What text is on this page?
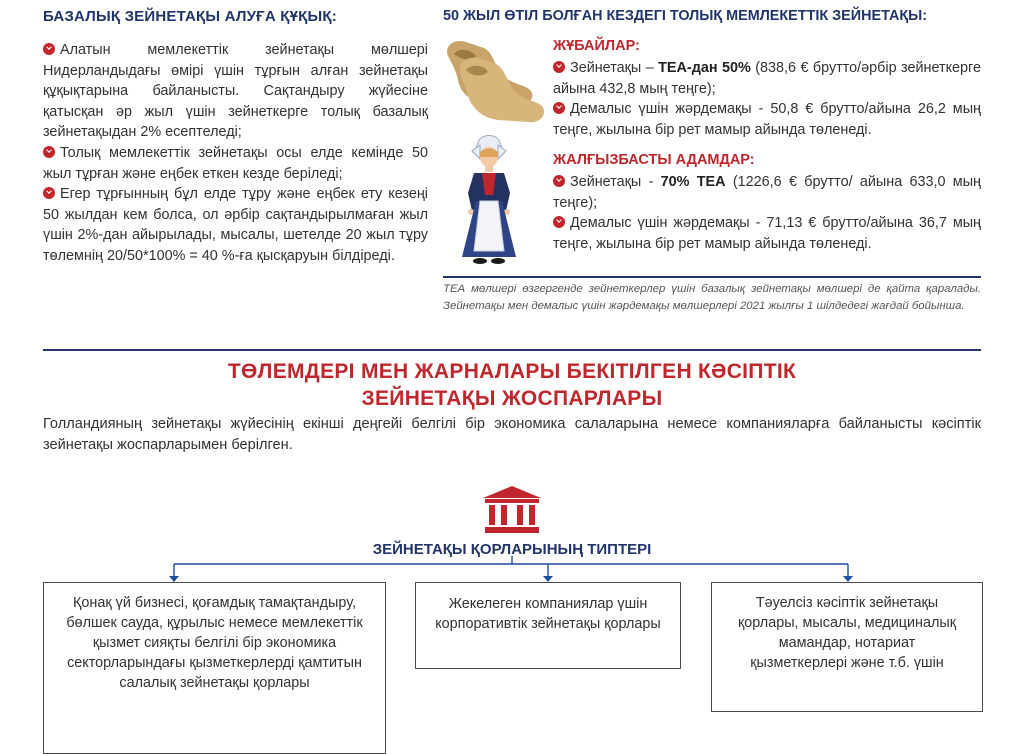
БАЗАЛЫҚ ЗЕЙНЕТАҚЫ АЛУҒА ҚҰҚЫҚ:

Алатын мемлекеттік зейнетақы мөлшері Нидерландыдағы өмірі үшін тұрғын алған зейнетақы құқықтарына байланысты. Сақтандыру жүйесіне қатысқан әр жыл үшін зейнеткерге толық базалық зейнетақыдан 2% есептеледі;

Толық мемлекеттік зейнетақы осы елде кемінде 50 жыл тұрған және еңбек еткен кезде беріледі;

Егер тұрғынның бұл елде тұру және еңбек ету кезеңі 50 жылдан кем болса, ол әрбір сақтандырылмаған жыл үшін 2%-дан айырылады, мысалы, шетелде 20 жыл тұру төлемнің 20/50*100% = 40 %-ға қысқаруын білдіреді.

50 ЖЫЛ ӨТІЛ БОЛҒАН КЕЗДЕГІ ТОЛЫҚ МЕМЛЕКЕТТІК ЗЕЙНЕТАҚЫ:
ЖҰБАЙЛАР:

Зейнетақы – ТЕА-дан 50% (838,6 € брутто/әрбір зейнеткерге айына 432,8 мың теңге);

Демалыс үшін жәрдемақы - 50,8 € брутто/айына 26,2 мың теңге, жылына бір рет мамыр айында төленеді.

ЖАЛҒЫЗБАСТЫ АДАМДАР:

Зейнетақы - 70% ТЕА (1226,6 € брутто/ айына 633,0 мың теңге);

Демалыс үшін жәрдемақы - 71,13 € брутто/айына 36,7 мың теңге, жылына бір рет мамыр айында төленеді.

ТЕА мөлшері өзгергенде зейнеткерлер үшін базалық зейнетақы мөлшері де қайта қаралады. Зейнетақы мен демалыс үшін жәрдемақы мөлшерлері 2021 жылғы 1 шілдедегі жағдай бойынша.
ТӨЛЕМДЕРІ МЕН ЖАРНАЛАРЫ БЕКІТІЛГЕН КӘСІПТІК
ЗЕЙНЕТАҚЫ ЖОСПАРЛАРЫ
Голландияның зейнетақы жүйесінің екінші деңгейі белгілі бір экономика салаларына немесе компанияларға байланысты кәсіптік зейнетақы жоспарларымен берілген.
ЗЕЙНЕТАҚЫ ҚОРЛАРЫНЫҢ ТИПТЕРІ
Қонақ үй бизнесі, қоғамдық тамақтандыру, бөлшек сауда, құрылыс немесе мемлекеттік қызмет сияқты белгілі бір экономика секторларындағы қызметкерлерді қамтитын салалық зейнетақы қорлары
Жекелеген компаниялар үшін корпоративтік зейнетақы қорлары
Тәуелсіз кәсіптік зейнетақы қорлары, мысалы, медициналық мамандар, нотариат қызметкерлері және т.б. үшін
